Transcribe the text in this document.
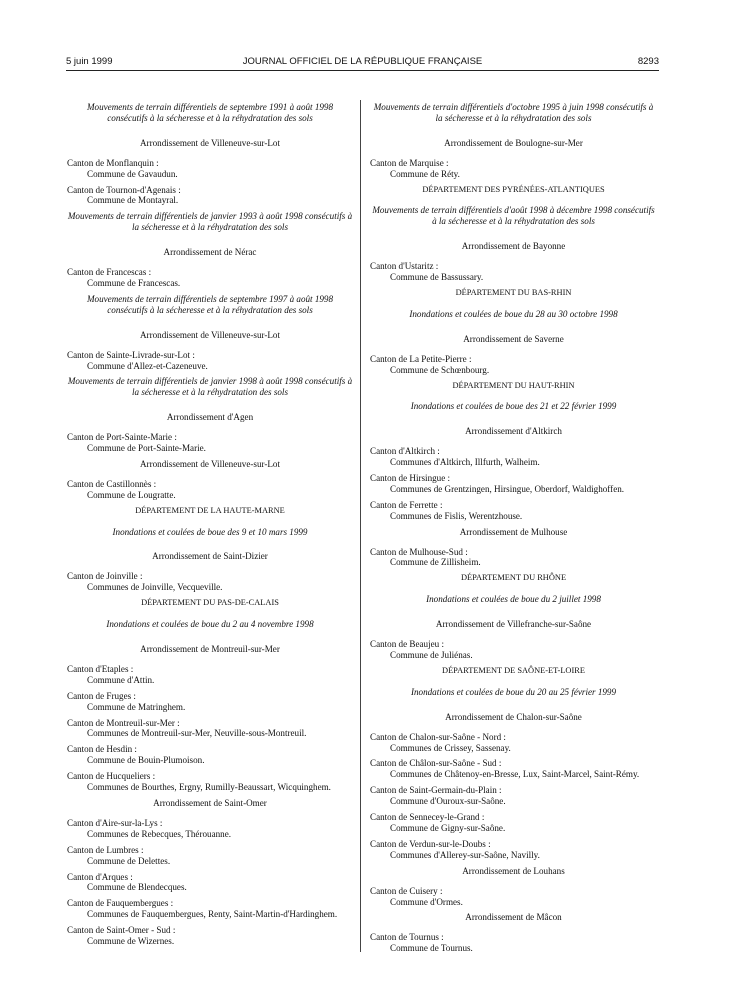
5 juin 1999	JOURNAL OFFICIEL DE LA RÉPUBLIQUE FRANÇAISE	8293

Mouvements de terrain différentiels de septembre 1991 à août 1998 consécutifs à la sécheresse et à la réhydratation des sols

Arrondissement de Villeneuve-sur-Lot

Canton de Monflanquin :
Commune de Gavaudun.

Canton de Tournon-d'Agenais :
Commune de Montayral.

Mouvements de terrain différentiels de janvier 1993 à août 1998 consécutifs à la sécheresse et à la réhydratation des sols

Arrondissement de Nérac

Canton de Francescas :
Commune de Francescas.

Mouvements de terrain différentiels de septembre 1997 à août 1998 consécutifs à la sécheresse et à la réhydratation des sols

Arrondissement de Villeneuve-sur-Lot

Canton de Sainte-Livrade-sur-Lot :
Commune d'Allez-et-Cazeneuve.

Mouvements de terrain différentiels de janvier 1998 à août 1998 consécutifs à la sécheresse et à la réhydratation des sols

Arrondissement d'Agen

Canton de Port-Sainte-Marie :
Commune de Port-Sainte-Marie.

Arrondissement de Villeneuve-sur-Lot

Canton de Castillonnès :
Commune de Lougratte.

DÉPARTEMENT DE LA HAUTE-MARNE

Inondations et coulées de boue des 9 et 10 mars 1999

Arrondissement de Saint-Dizier

Canton de Joinville :
Communes de Joinville, Vecqueville.

DÉPARTEMENT DU PAS-DE-CALAIS

Inondations et coulées de boue du 2 au 4 novembre 1998

Arrondissement de Montreuil-sur-Mer

Canton d'Etaples :
Commune d'Attin.

Canton de Fruges :
Commune de Matringhem.

Canton de Montreuil-sur-Mer :
Communes de Montreuil-sur-Mer, Neuville-sous-Montreuil.

Canton de Hesdin :
Commune de Bouin-Plumoison.

Canton de Hucqueliers :
Communes de Bourthes, Ergny, Rumilly-Beaussart, Wicquinghem.

Arrondissement de Saint-Omer

Canton d'Aire-sur-la-Lys :
Communes de Rebecques, Thérouanne.

Canton de Lumbres :
Commune de Delettes.

Canton d'Arques :
Commune de Blendecques.

Canton de Fauquembergues :
Communes de Fauquembergues, Renty, Saint-Martin-d'Hardinghem.

Canton de Saint-Omer - Sud :
Commune de Wizernes.

Mouvements de terrain différentiels d'octobre 1995 à juin 1998 consécutifs à la sécheresse et à la réhydratation des sols

Arrondissement de Boulogne-sur-Mer

Canton de Marquise :
Commune de Réty.

DÉPARTEMENT DES PYRÉNÉES-ATLANTIQUES

Mouvements de terrain différentiels d'août 1998 à décembre 1998 consécutifs à la sécheresse et à la réhydratation des sols

Arrondissement de Bayonne

Canton d'Ustaritz :
Commune de Bassussary.

DÉPARTEMENT DU BAS-RHIN

Inondations et coulées de boue du 28 au 30 octobre 1998

Arrondissement de Saverne

Canton de La Petite-Pierre :
Commune de Schœnbourg.

DÉPARTEMENT DU HAUT-RHIN

Inondations et coulées de boue des 21 et 22 février 1999

Arrondissement d'Altkirch

Canton d'Altkirch :
Communes d'Altkirch, Illfurth, Walheim.

Canton de Hirsingue :
Communes de Grentzingen, Hirsingue, Oberdorf, Waldighoffen.

Canton de Ferrette :
Communes de Fislis, Werentzhouse.

Arrondissement de Mulhouse

Canton de Mulhouse-Sud :
Commune de Zillisheim.

DÉPARTEMENT DU RHÔNE

Inondations et coulées de boue du 2 juillet 1998

Arrondissement de Villefranche-sur-Saône

Canton de Beaujeu :
Commune de Juliénas.

DÉPARTEMENT DE SAÔNE-ET-LOIRE

Inondations et coulées de boue du 20 au 25 février 1999

Arrondissement de Chalon-sur-Saône

Canton de Chalon-sur-Saône - Nord :
Communes de Crissey, Sassenay.

Canton de Châlon-sur-Saône - Sud :
Communes de Châtenoy-en-Bresse, Lux, Saint-Marcel, Saint-Rémy.

Canton de Saint-Germain-du-Plain :
Commune d'Ouroux-sur-Saône.

Canton de Sennecey-le-Grand :
Commune de Gigny-sur-Saône.

Canton de Verdun-sur-le-Doubs :
Communes d'Allerey-sur-Saône, Navilly.

Arrondissement de Louhans

Canton de Cuisery :
Commune d'Ormes.

Arrondissement de Mâcon

Canton de Tournus :
Commune de Tournus.
